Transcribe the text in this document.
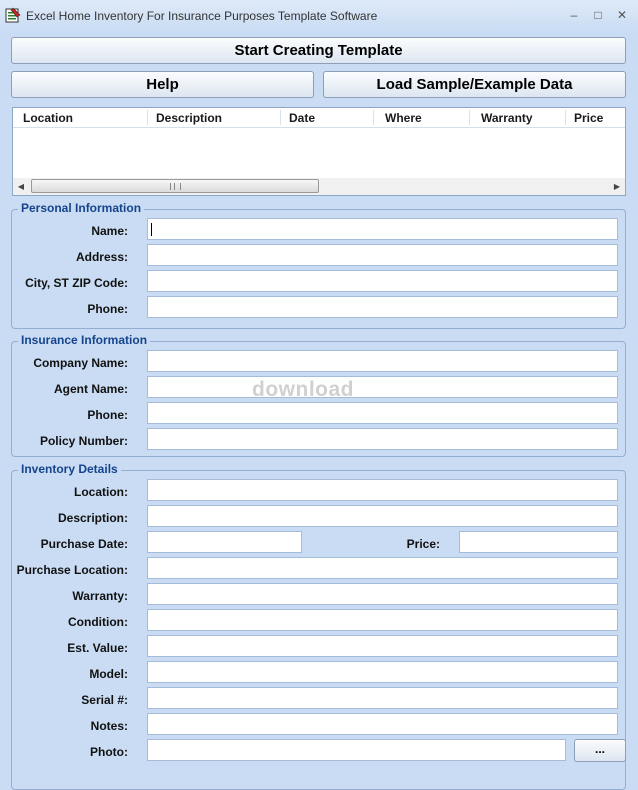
Excel Home Inventory For Insurance Purposes Template Software	–	□	✕
Start Creating Template
Help	Load Sample/Example Data
Location	Description	Date	Where	Warranty	Price
◀	▶
Personal Information
Name:
Address:
City, ST ZIP Code:
Phone:
Insurance Information
Company Name:
Agent Name:
Phone:
Policy Number:
Inventory Details
Location:
Description:
Purchase Date:	Price:
Purchase Location:
Warranty:
Condition:
Est. Value:
Model:
Serial #:
Notes:
Photo:	...
download
